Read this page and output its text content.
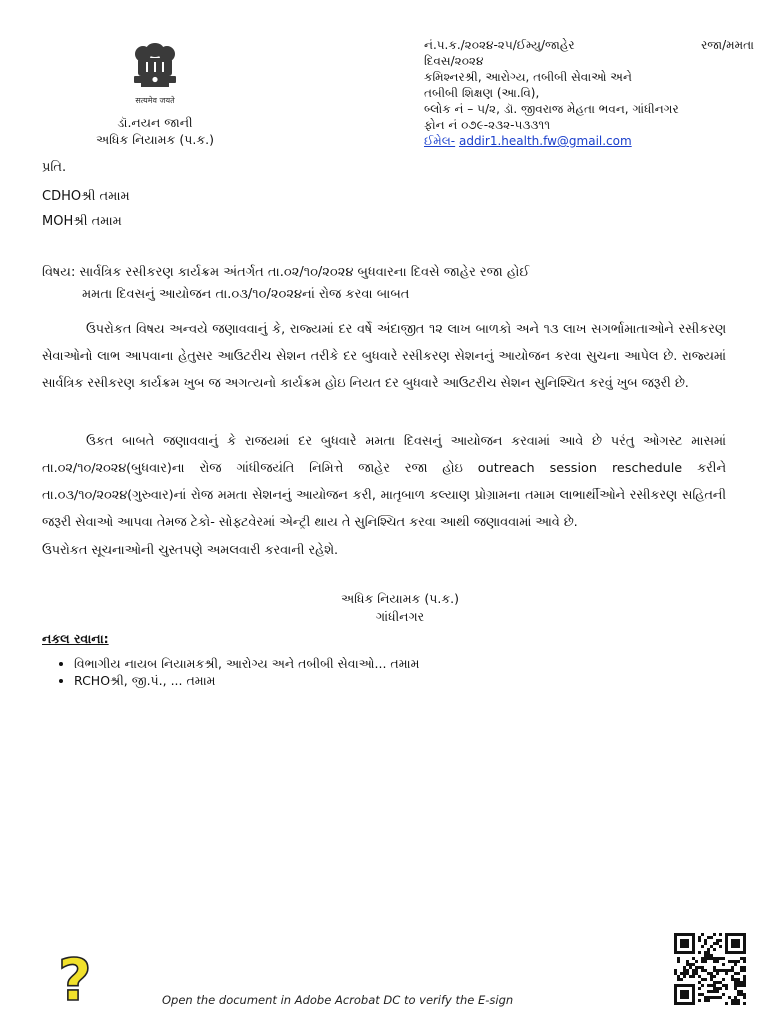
सत्यमेव जयते
ડૉ.નયન જાની
અધિક નિયામક (પ.ક.)
નં.પ.ક./૨૦૨૪-૨૫/ઈમ્યુ/જાહેર	રજા/મમતા
દિવસ/૨૦૨૪
કમિશ્નરશ્રી, આરોગ્ય, તબીબી સેવાઓ અને
તબીબી શિક્ષણ (આ.વિ),
બ્લોક નં – ૫/૨, ડૉ. જીવરાજ મેહતા ભવન, ગાંધીનગર
ફોન નં ૦૭૯-૨૩૨-૫૩૩૧૧
ઈમેલ- addir1.health.fw@gmail.com
પ્રતિ.
CDHOશ્રી તમામ
MOHશ્રી તમામ
વિષય: સાર્વત્રિક રસીકરણ કાર્યક્રમ અંતર્ગત તા.૦૨/૧૦/૨૦૨૪ બુધવારના દિવસે જાહેર રજા હોઈ
મમતા દિવસનું આયોજન તા.૦૩/૧૦/૨૦૨૪નાં રોજ કરવા બાબત

ઉપરોકત વિષય અન્વયે જણાવવાનું કે, રાજ્યમાં દર વર્ષે અંદાજીત ૧૨ લાખ બાળકો અને ૧૩ લાખ સગર્ભામાતાઓને રસીકરણ સેવાઓનો લાભ આપવાના હેતુસર આઉટરીચ સેશન તરીકે દર બુધવારે રસીકરણ સેશનનું આયોજન કરવા સુચના આપેલ છે. રાજ્યમાં સાર્વત્રિક રસીકરણ કાર્યક્રમ ખુબ જ અગત્યનો કાર્યક્રમ હોઇ નિયત દર બુધવારે આઉટરીચ સેશન સુનિશ્ચિત કરવું ખુબ જરૂરી છે.

ઉકત બાબતે જણાવવાનું કે રાજયમાં દર બુધવારે મમતા દિવસનું આયોજન કરવામાં આવે છે પરંતુ ઓગસ્ટ માસમાં તા.૦૨/૧૦/૨૦૨૪(બુધવાર)ના રોજ ગાંધીજયંતિ નિમિત્તે જાહેર રજા હોઇ outreach session reschedule કરીને તા.૦૩/૧૦/૨૦૨૪(ગુરુવાર)નાં રોજ મમતા સેશનનું આયોજન કરી, માતૃબાળ કલ્યાણ પ્રોગ્રામના તમામ લાભાર્થીઓને રસીકરણ સહિતની જરૂરી સેવાઓ આપવા તેમજ ટેકો- સોફ્ટવેરમાં એન્ટ્રી થાય તે સુનિશ્ચિત કરવા આથી જણાવવામાં આવે છે.

ઉપરોકત સૂચનાઓની ચુસ્તપણે અમલવારી કરવાની રહેશે.
અધિક નિયામક (પ.ક.)
ગાંધીનગર
નકલ રવાના:
• વિભાગીય નાયબ નિયામકશ્રી, આરોગ્ય અને તબીબી સેવાઓ... તમામ
• RCHOશ્રી, જી.પં., ... તમામ
?	Open the document in Adobe Acrobat DC to verify the E-sign
